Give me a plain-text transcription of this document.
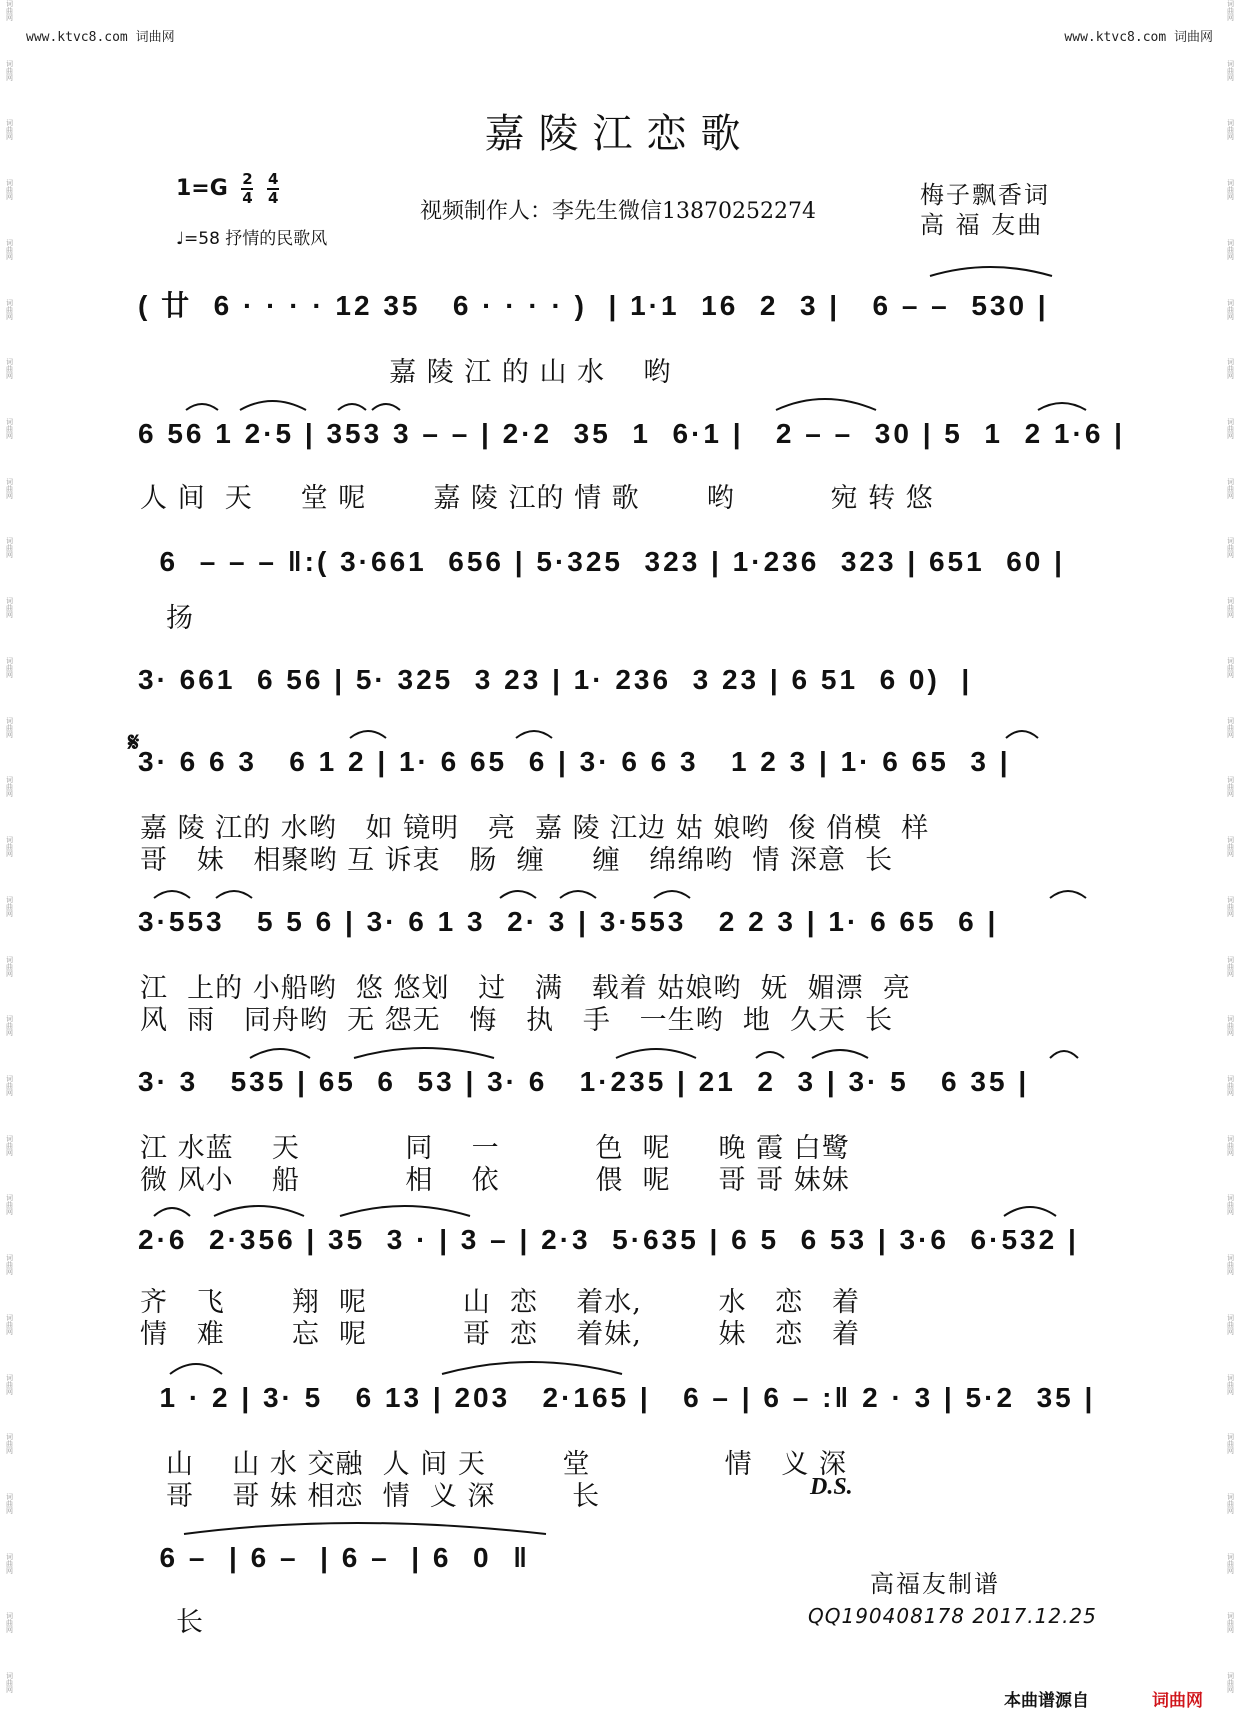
词曲网
词曲网
词曲网
词曲网
词曲网
词曲网
词曲网
词曲网
词曲网
词曲网
词曲网
词曲网
词曲网
词曲网
词曲网
词曲网
词曲网
词曲网
词曲网
词曲网
词曲网
词曲网
词曲网
词曲网
词曲网
词曲网
词曲网
词曲网
词曲网
词曲网
词曲网
词曲网
词曲网
词曲网
词曲网
词曲网
词曲网
词曲网
词曲网
词曲网
词曲网
词曲网
词曲网
词曲网
词曲网
词曲网
词曲网
词曲网
词曲网
词曲网
词曲网
词曲网
词曲网
词曲网
词曲网
词曲网
词曲网
词曲网
www.ktvc8.com 词曲网	www.ktvc8.com 词曲网
嘉陵江恋歌
$1=G \frac{2}{4}$
$\frac{4}{4}$
♩=58 抒情的民歌风
视频制作人：李先生微信13870252274
梅子飘香词
高 福 友曲
( 廿  6 · · · · 12 35   6 · · · · )  | 1·1  16  2  3 |   6 – –  530 |
嘉 陵 江 的 山 水    哟
6 56 1 2·5 | 353 3 – – | 2·2  35  1  6·1 |   2 – –  30 | 5  1  2 1·6 |
人 间  天     堂 呢       嘉 陵 江的 情 歌       哟          宛 转 悠
6  – – – ‖:( 3·661  656 | 5·325  323 | 1·236  323 | 651  60 |
扬
3· 661  6 56 | 5· 325  3 23 | 1· 236  3 23 | 6 51  6 0)  |
𝄋
3· 6 6 3   6 1 2 | 1· 6 65  6 | 3· 6 6 3   1 2 3 | 1· 6 65  3 |
嘉 陵 江的 水哟   如 镜明   亮  嘉 陵 江边 姑 娘哟  俊 俏模  样
哥   妹   相聚哟 互 诉衷   肠  缠     缠   绵绵哟  情 深意  长
3·553   5 5 6 | 3· 6 1 3  2· 3 | 3·553   2 2 3 | 1· 6 65  6 |
江  上的 小船哟  悠 悠划   过   满   载着 姑娘哟  妩  媚漂  亮
风  雨   同舟哟  无 怨无   悔   执   手   一生哟  地  久天  长
3· 3   535 | 65  6  53 | 3· 6   1·235 | 21  2  3 | 3· 5   6 35 |
江 水蓝    天           同    一          色  呢     晚 霞 白鹭
微 风小    船           相    依          偎  呢     哥 哥 妹妹
2·6  2·356 | 35  3 · | 3 – | 2·3  5·635 | 6 5  6 53 | 3·6  6·532 |
齐   飞       翔  呢          山  恋    着水,        水   恋   着
情   难       忘  呢          哥  恋    着妹,        妹   恋   着
1 · 2 | 3· 5   6 13 | 203   2·165 |   6 – | 6 – :‖ 2 · 3 | 5·2  35 |
山    山 水 交融  人 间 天        堂              情   义 深
哥    哥 妹 相恋  情  义 深        长	D.S.
6 –  | 6 –  | 6 –  | 6  0  ‖
长
高福友制谱
QQ190408178 2017.12.25
本曲谱源自	词曲网
